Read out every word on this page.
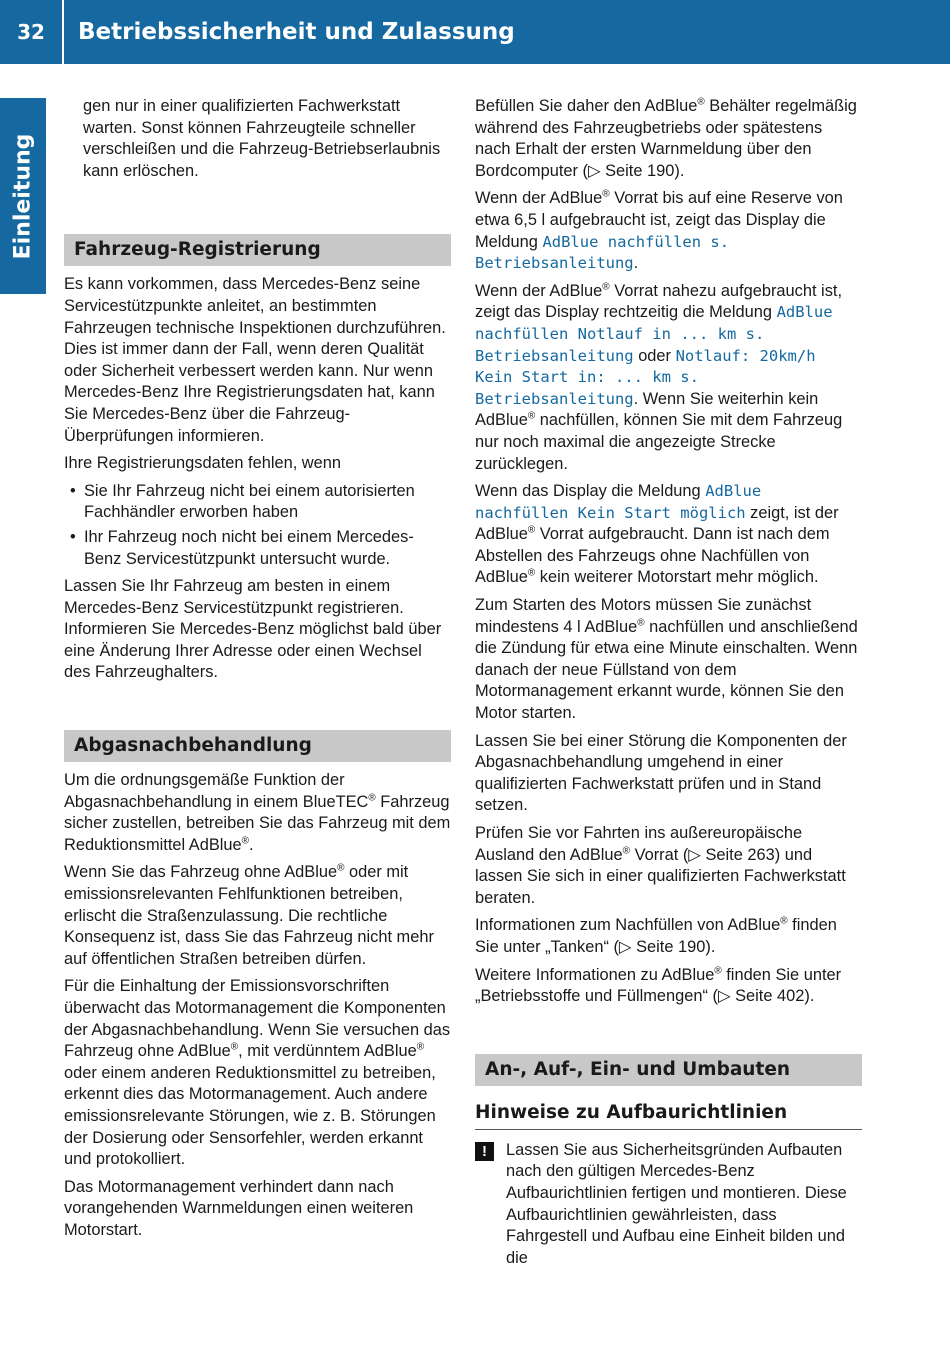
32	Betriebssicherheit und Zulassung
Einleitung

gen nur in einer qualifizierten Fachwerkstatt warten. Sonst können Fahrzeugteile schneller verschleißen und die Fahrzeug-Betriebserlaubnis kann erlöschen.

Fahrzeug-Registrierung

Es kann vorkommen, dass Mercedes-Benz seine Servicestützpunkte anleitet, an bestimmten Fahrzeugen technische Inspektionen durchzuführen. Dies ist immer dann der Fall, wenn deren Qualität oder Sicherheit verbessert werden kann. Nur wenn Mercedes-Benz Ihre Registrierungsdaten hat, kann Sie Mercedes-Benz über die Fahrzeug-Überprüfungen informieren.

Ihre Registrierungsdaten fehlen, wenn

• Sie Ihr Fahrzeug nicht bei einem autorisierten Fachhändler erworben haben
• Ihr Fahrzeug noch nicht bei einem Mercedes-Benz Servicestützpunkt untersucht wurde.

Lassen Sie Ihr Fahrzeug am besten in einem Mercedes-Benz Servicestützpunkt registrieren. Informieren Sie Mercedes-Benz möglichst bald über eine Änderung Ihrer Adresse oder einen Wechsel des Fahrzeughalters.

Abgasnachbehandlung

Um die ordnungsgemäße Funktion der Abgasnachbehandlung in einem BlueTEC® Fahrzeug sicher zustellen, betreiben Sie das Fahrzeug mit dem Reduktionsmittel AdBlue®.

Wenn Sie das Fahrzeug ohne AdBlue® oder mit emissionsrelevanten Fehlfunktionen betreiben, erlischt die Straßenzulassung. Die rechtliche Konsequenz ist, dass Sie das Fahrzeug nicht mehr auf öffentlichen Straßen betreiben dürfen.

Für die Einhaltung der Emissionsvorschriften überwacht das Motormanagement die Komponenten der Abgasnachbehandlung. Wenn Sie versuchen das Fahrzeug ohne AdBlue®, mit verdünntem AdBlue® oder einem anderen Reduktionsmittel zu betreiben, erkennt dies das Motormanagement. Auch andere emissionsrelevante Störungen, wie z. B. Störungen der Dosierung oder Sensorfehler, werden erkannt und protokolliert.

Das Motormanagement verhindert dann nach vorangehenden Warnmeldungen einen weiteren Motorstart.

Befüllen Sie daher den AdBlue® Behälter regelmäßig während des Fahrzeugbetriebs oder spätestens nach Erhalt der ersten Warnmeldung über den Bordcomputer (▷ Seite 190).

Wenn der AdBlue® Vorrat bis auf eine Reserve von etwa 6,5 l aufgebraucht ist, zeigt das Display die Meldung AdBlue nachfüllen s. Betriebsanleitung.

Wenn der AdBlue® Vorrat nahezu aufgebraucht ist, zeigt das Display rechtzeitig die Meldung AdBlue nachfüllen Notlauf in ... km s. Betriebsanleitung oder Notlauf: 20km/h Kein Start in: ... km s. Betriebsanleitung. Wenn Sie weiterhin kein AdBlue® nachfüllen, können Sie mit dem Fahrzeug nur noch maximal die angezeigte Strecke zurücklegen.

Wenn das Display die Meldung AdBlue nachfüllen Kein Start möglich zeigt, ist der AdBlue® Vorrat aufgebraucht. Dann ist nach dem Abstellen des Fahrzeugs ohne Nachfüllen von AdBlue® kein weiterer Motorstart mehr möglich.

Zum Starten des Motors müssen Sie zunächst mindestens 4 l AdBlue® nachfüllen und anschließend die Zündung für etwa eine Minute einschalten. Wenn danach der neue Füllstand von dem Motormanagement erkannt wurde, können Sie den Motor starten.

Lassen Sie bei einer Störung die Komponenten der Abgasnachbehandlung umgehend in einer qualifizierten Fachwerkstatt prüfen und in Stand setzen.

Prüfen Sie vor Fahrten ins außereuropäische Ausland den AdBlue® Vorrat (▷ Seite 263) und lassen Sie sich in einer qualifizierten Fachwerkstatt beraten.

Informationen zum Nachfüllen von AdBlue® finden Sie unter „Tanken“ (▷ Seite 190).

Weitere Informationen zu AdBlue® finden Sie unter „Betriebsstoffe und Füllmengen“ (▷ Seite 402).

An-, Auf-, Ein- und Umbauten
Hinweise zu Aufbaurichtlinien
!	Lassen Sie aus Sicherheitsgründen Aufbauten nach den gültigen Mercedes-Benz Aufbaurichtlinien fertigen und montieren. Diese Aufbaurichtlinien gewährleisten, dass Fahrgestell und Aufbau eine Einheit bilden und die
